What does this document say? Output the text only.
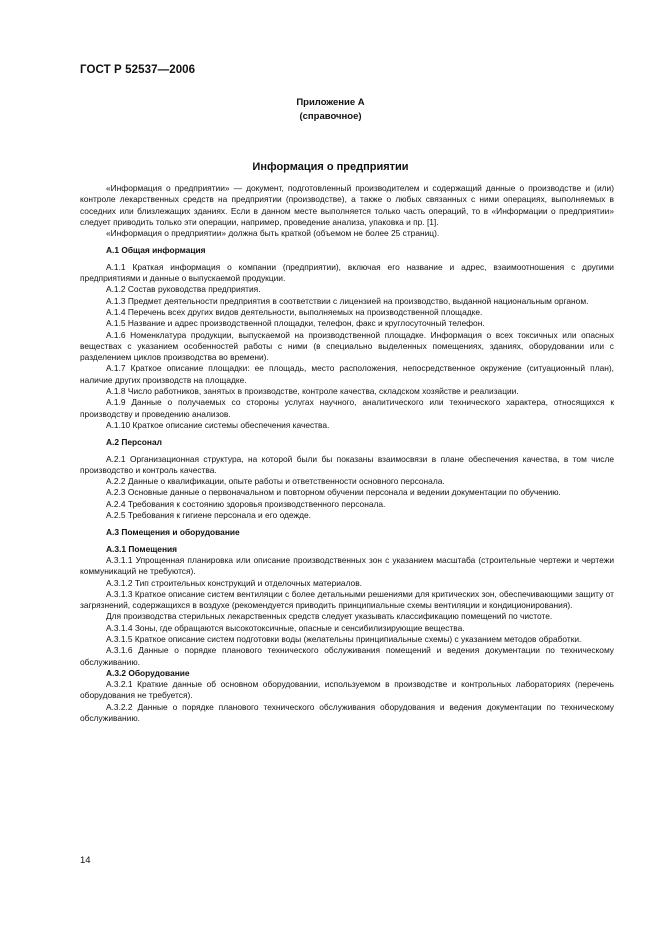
ГОСТ Р 52537—2006
Приложение А
(справочное)
Информация о предприятии

«Информация о предприятии» — документ, подготовленный производителем и содержащий данные о производстве и (или) контроле лекарственных средств на предприятии (производстве), а также о любых связанных с ними операциях, выполняемых в соседних или близлежащих зданиях. Если в данном месте выполняется только часть операций, то в «Информации о предприятии» следует приводить только эти операции, например, проведение анализа, упаковка и пр. [1].

«Информация о предприятии» должна быть краткой (объемом не более 25 страниц).

А.1 Общая информация

А.1.1 Краткая информация о компании (предприятии), включая его название и адрес, взаимоотношения с другими предприятиями и данные о выпускаемой продукции.

А.1.2 Состав руководства предприятия.

А.1.3 Предмет деятельности предприятия в соответствии с лицензией на производство, выданной национальным органом.

А.1.4 Перечень всех других видов деятельности, выполняемых на производственной площадке.

А.1.5 Название и адрес производственной площадки, телефон, факс и круглосуточный телефон.

А.1.6 Номенклатура продукции, выпускаемой на производственной площадке. Информация о всех токсичных или опасных веществах с указанием особенностей работы с ними (в специально выделенных помещениях, зданиях, оборудовании или с разделением циклов производства во времени).

А.1.7 Краткое описание площадки: ее площадь, место расположения, непосредственное окружение (ситуационный план), наличие других производств на площадке.

А.1.8 Число работников, занятых в производстве, контроле качества, складском хозяйстве и реализации.

А.1.9 Данные о получаемых со стороны услугах научного, аналитического или технического характера, относящихся к производству и проведению анализов.

А.1.10 Краткое описание системы обеспечения качества.

А.2 Персонал

А.2.1 Организационная структура, на которой были бы показаны взаимосвязи в плане обеспечения качества, в том числе производство и контроль качества.

А.2.2 Данные о квалификации, опыте работы и ответственности основного персонала.

А.2.3 Основные данные о первоначальном и повторном обучении персонала и ведении документации по обучению.

А.2.4 Требования к состоянию здоровья производственного персонала.

А.2.5 Требования к гигиене персонала и его одежде.

А.3 Помещения и оборудование
А.3.1 Помещения

А.3.1.1 Упрощенная планировка или описание производственных зон с указанием масштаба (строительные чертежи и чертежи коммуникаций не требуются).

А.3.1.2 Тип строительных конструкций и отделочных материалов.

А.3.1.3 Краткое описание систем вентиляции с более детальными решениями для критических зон, обеспечивающими защиту от загрязнений, содержащихся в воздухе (рекомендуется приводить принципиальные схемы вентиляции и кондиционирования).

Для производства стерильных лекарственных средств следует указывать классификацию помещений по чистоте.

А.3.1.4 Зоны, где обращаются высокотоксичные, опасные и сенсибилизирующие вещества.

А.3.1.5 Краткое описание систем подготовки воды (желательны принципиальные схемы) с указанием методов обработки.

А.3.1.6 Данные о порядке планового технического обслуживания помещений и ведения документации по техническому обслуживанию.

А.3.2 Оборудование

А.3.2.1 Краткие данные об основном оборудовании, используемом в производстве и контрольных лабораториях (перечень оборудования не требуется).

А.3.2.2 Данные о порядке планового технического обслуживания оборудования и ведения документации по техническому обслуживанию.

14
